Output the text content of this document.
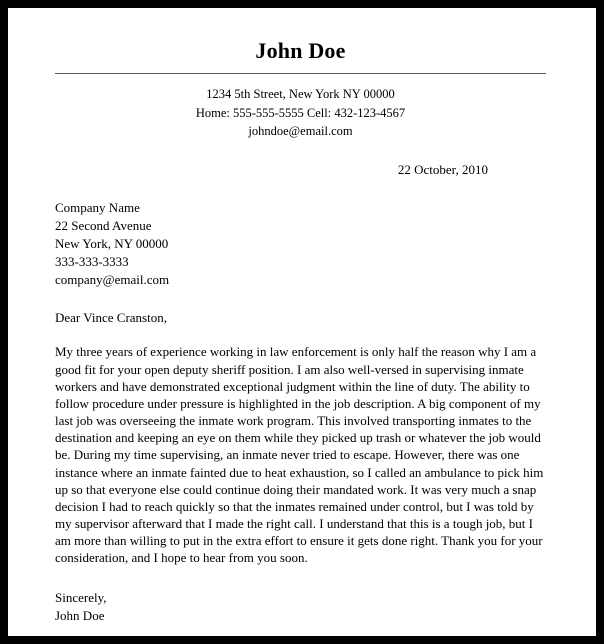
John Doe
1234 5th Street, New York NY 00000
Home: 555-555-5555 Cell: 432-123-4567
johndoe@email.com
22 October, 2010
Company Name
22 Second Avenue
New York, NY 00000
333-333-3333
company@email.com
Dear Vince Cranston,
My three years of experience working in law enforcement is only half the reason why I am a good fit for your open deputy sheriff position. I am also well-versed in supervising inmate workers and have demonstrated exceptional judgment within the line of duty. The ability to follow procedure under pressure is highlighted in the job description. A big component of my last job was overseeing the inmate work program. This involved transporting inmates to the destination and keeping an eye on them while they picked up trash or whatever the job would be. During my time supervising, an inmate never tried to escape. However, there was one instance where an inmate fainted due to heat exhaustion, so I called an ambulance to pick him up so that everyone else could continue doing their mandated work. It was very much a snap decision I had to reach quickly so that the inmates remained under control, but I was told by my supervisor afterward that I made the right call. I understand that this is a tough job, but I am more than willing to put in the extra effort to ensure it gets done right. Thank you for your consideration, and I hope to hear from you soon.
Sincerely,
John Doe
